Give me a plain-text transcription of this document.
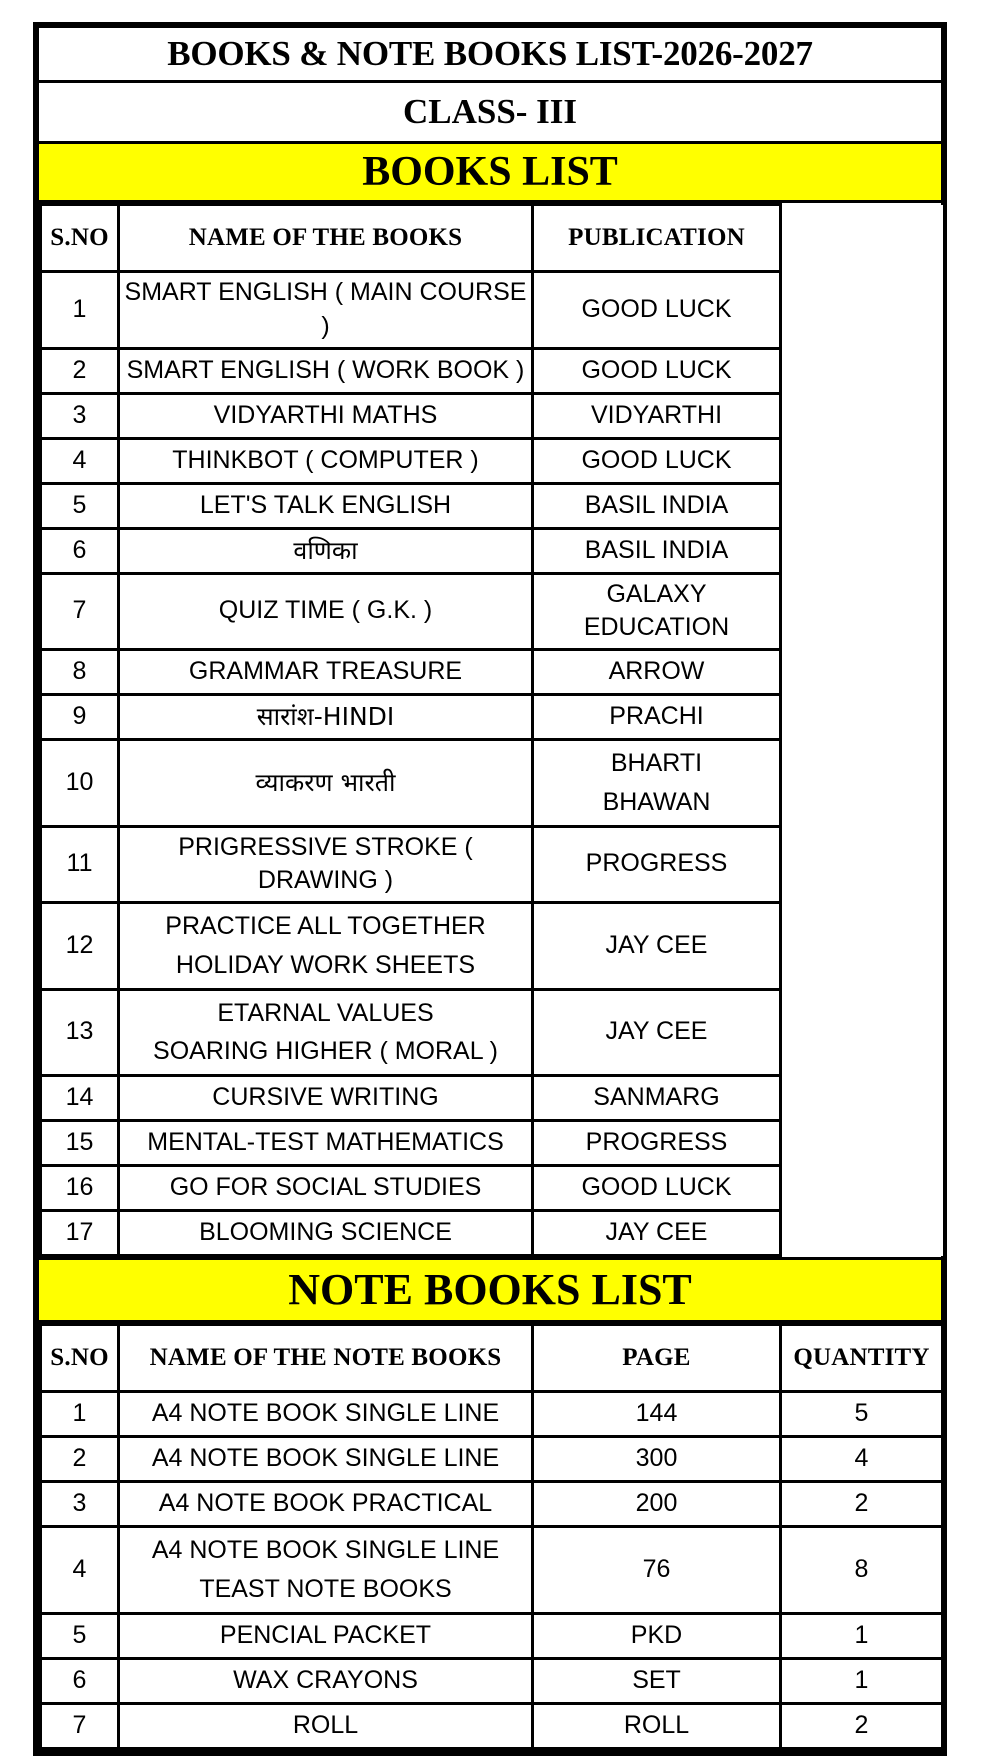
BOOKS & NOTE BOOKS LIST-2026-2027
CLASS- III
BOOKS LIST
S.NO	NAME OF THE BOOKS	PUBLICATION	
1	SMART ENGLISH ( MAIN COURSE )	GOOD LUCK	
2	SMART ENGLISH ( WORK BOOK )	GOOD LUCK	
3	VIDYARTHI MATHS	VIDYARTHI	
4	THINKBOT ( COMPUTER )	GOOD LUCK	
5	LET'S TALK ENGLISH	BASIL INDIA	
6	वणिका	BASIL INDIA	
7	QUIZ TIME ( G.K. )	GALAXY EDUCATION	
8	GRAMMAR TREASURE	ARROW	
9	सारांश-HINDI	PRACHI	
10	व्याकरण भारती	BHARTI
BHAWAN	

11	PRIGRESSIVE STROKE ( DRAWING )	PROGRESS	
12	PRACTICE ALL TOGETHER
HOLIDAY WORK SHEETS	JAY CEE	
13	ETARNAL VALUES
SOARING HIGHER ( MORAL )	JAY CEE	
14	CURSIVE WRITING	SANMARG	
15	MENTAL-TEST MATHEMATICS	PROGRESS	
16	GO FOR SOCIAL STUDIES	GOOD LUCK	
17	BLOOMING SCIENCE	JAY CEE	
NOTE BOOKS LIST
S.NO	NAME OF THE NOTE BOOKS	PAGE	QUANTITY
1	A4 NOTE BOOK SINGLE LINE	144	5
2	A4 NOTE BOOK SINGLE LINE	300	4
3	A4 NOTE BOOK PRACTICAL	200	2
4	A4 NOTE BOOK SINGLE LINE
TEAST NOTE BOOKS	76	8
5	PENCIAL PACKET	PKD	1
6	WAX CRAYONS	SET	1
7	ROLL	ROLL	2
